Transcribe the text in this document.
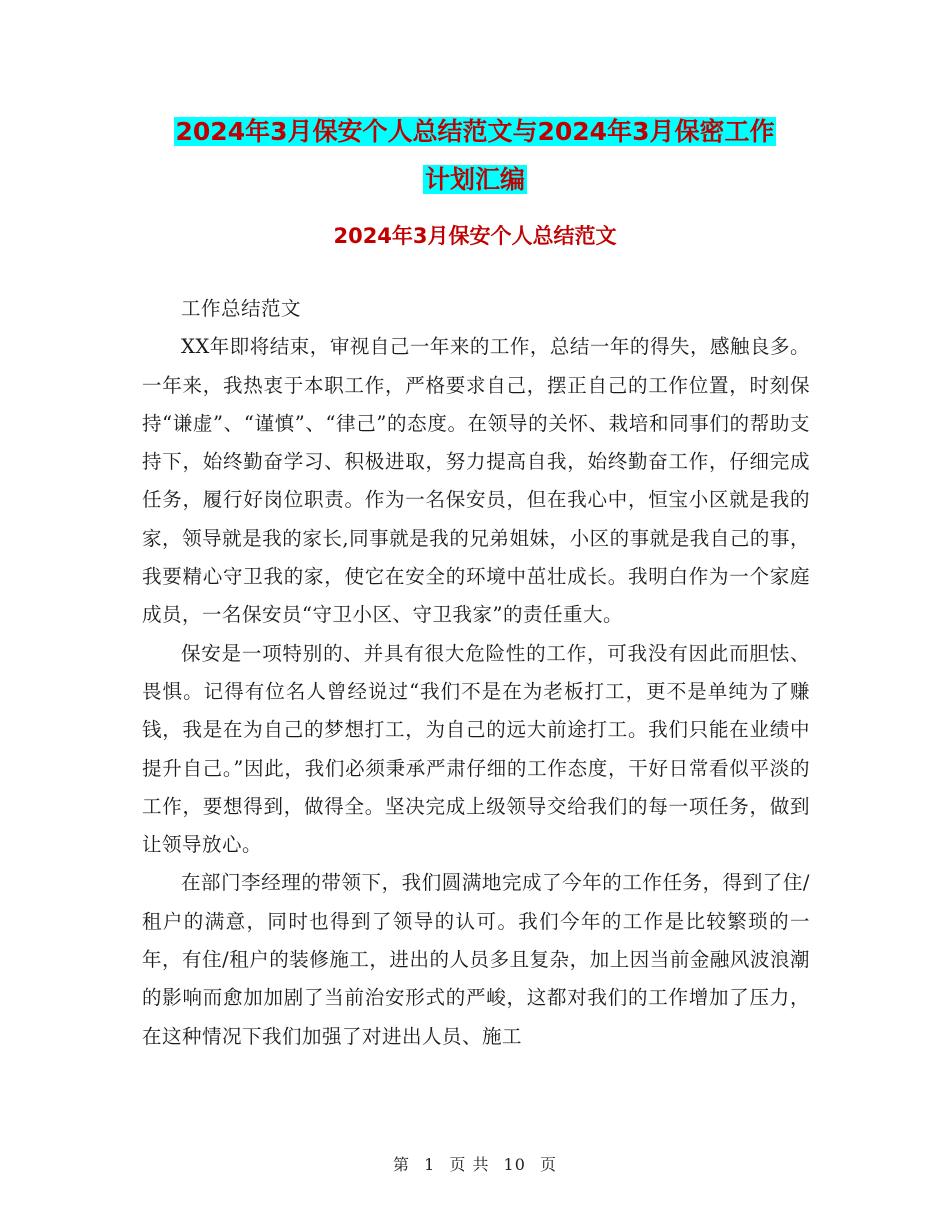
2024年3月保安个人总结范文与2024年3月保密工作
计划汇编
2024年3月保安个人总结范文

工作总结范文

XX年即将结束，审视自己一年来的工作，总结一年的得失，感触良多。一年来，我热衷于本职工作，严格要求自己，摆正自己的工作位置，时刻保持“谦虚”、“谨慎”、“律己”的态度。在领导的关怀、栽培和同事们的帮助支持下，始终勤奋学习、积极进取，努力提高自我，始终勤奋工作，仔细完成任务，履行好岗位职责。作为一名保安员，但在我心中，恒宝小区就是我的家，领导就是我的家长,同事就是我的兄弟姐妹，小区的事就是我自己的事，我要精心守卫我的家，使它在安全的环境中茁壮成长。我明白作为一个家庭成员，一名保安员“守卫小区、守卫我家”的责任重大。

保安是一项特别的、并具有很大危险性的工作，可我没有因此而胆怯、畏惧。记得有位名人曾经说过“我们不是在为老板打工，更不是单纯为了赚钱，我是在为自己的梦想打工，为自己的远大前途打工。我们只能在业绩中提升自己。”因此，我们必须秉承严肃仔细的工作态度，干好日常看似平淡的工作，要想得到，做得全。坚决完成上级领导交给我们的每一项任务，做到让领导放心。

在部门李经理的带领下，我们圆满地完成了今年的工作任务，得到了住/租户的满意，同时也得到了领导的认可。我们今年的工作是比较繁琐的一年，有住/租户的装修施工，进出的人员多且复杂，加上因当前金融风波浪潮的影响而愈加加剧了当前治安形式的严峻，这都对我们的工作增加了压力，在这种情况下我们加强了对进出人员、施工

第 1 页 共 10 页
